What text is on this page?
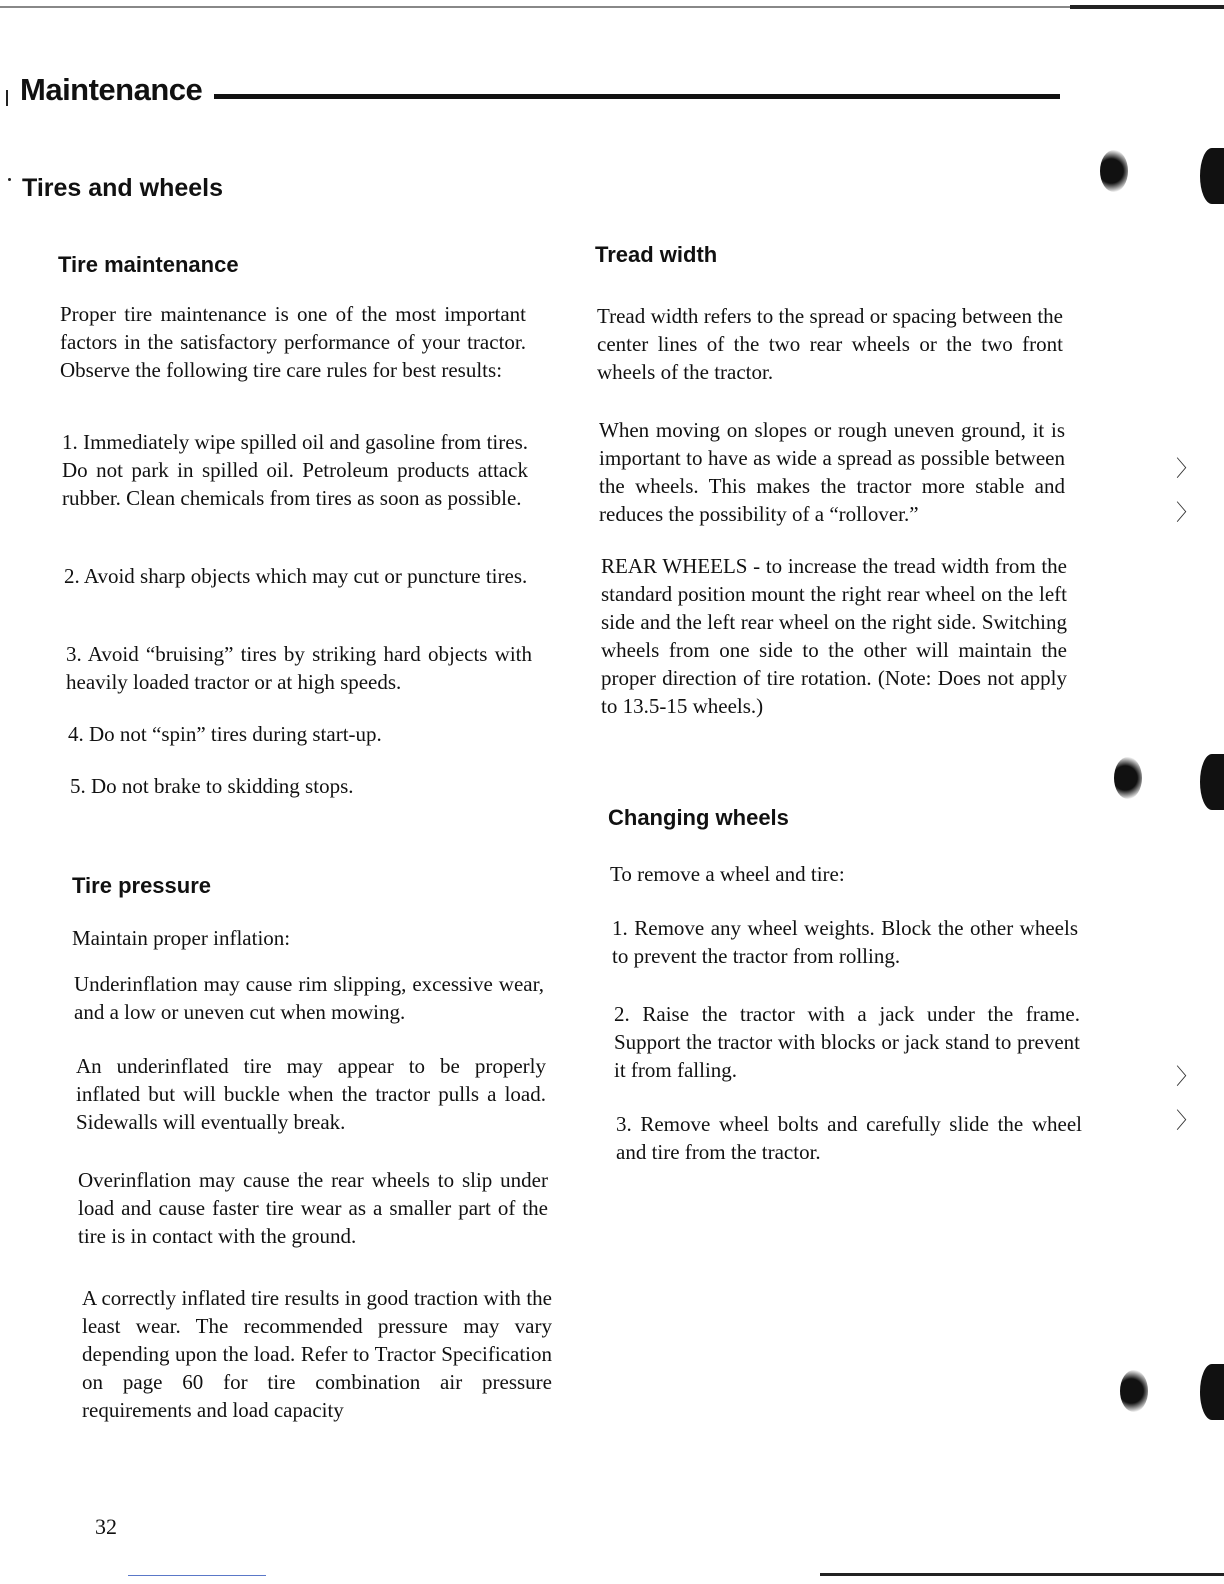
Maintenance
Tires and wheels
Tire maintenance

Proper tire maintenance is one of the most important factors in the satisfactory performance of your tractor. Observe the following tire care rules for best results:

1. Immediately wipe spilled oil and gasoline from tires. Do not park in spilled oil. Petroleum products attack rubber. Clean chemicals from tires as soon as possible.

2. Avoid sharp objects which may cut or puncture tires.

3. Avoid “bruising” tires by striking hard objects with heavily loaded tractor or at high speeds.

4. Do not “spin” tires during start-up.

5. Do not brake to skidding stops.

Tire pressure

Maintain proper inflation:

Underinflation may cause rim slipping, excessive wear, and a low or uneven cut when mowing.

An underinflated tire may appear to be properly inflated but will buckle when the tractor pulls a load. Sidewalls will eventually break.

Overinflation may cause the rear wheels to slip under load and cause faster tire wear as a smaller part of the tire is in contact with the ground.

A correctly inflated tire results in good traction with the least wear. The recommended pressure may vary depending upon the load. Refer to Tractor Specification on page 60 for tire combination air pressure requirements and load capacity

Tread width

Tread width refers to the spread or spacing between the center lines of the two rear wheels or the two front wheels of the tractor.

When moving on slopes or rough uneven ground, it is important to have as wide a spread as possible between the wheels. This makes the tractor more stable and reduces the possibility of a “rollover.”

REAR WHEELS - to increase the tread width from the standard position mount the right rear wheel on the left side and the left rear wheel on the right side. Switching wheels from one side to the other will maintain the proper direction of tire rotation. (Note: Does not apply to 13.5-15 wheels.)

Changing wheels

To remove a wheel and tire:

1. Remove any wheel weights. Block the other wheels to prevent the tractor from rolling.

2. Raise the tractor with a jack under the frame. Support the tractor with blocks or jack stand to prevent it from falling.

3. Remove wheel bolts and carefully slide the wheel and tire from the tractor.

32
〉
〉
〉
〉
